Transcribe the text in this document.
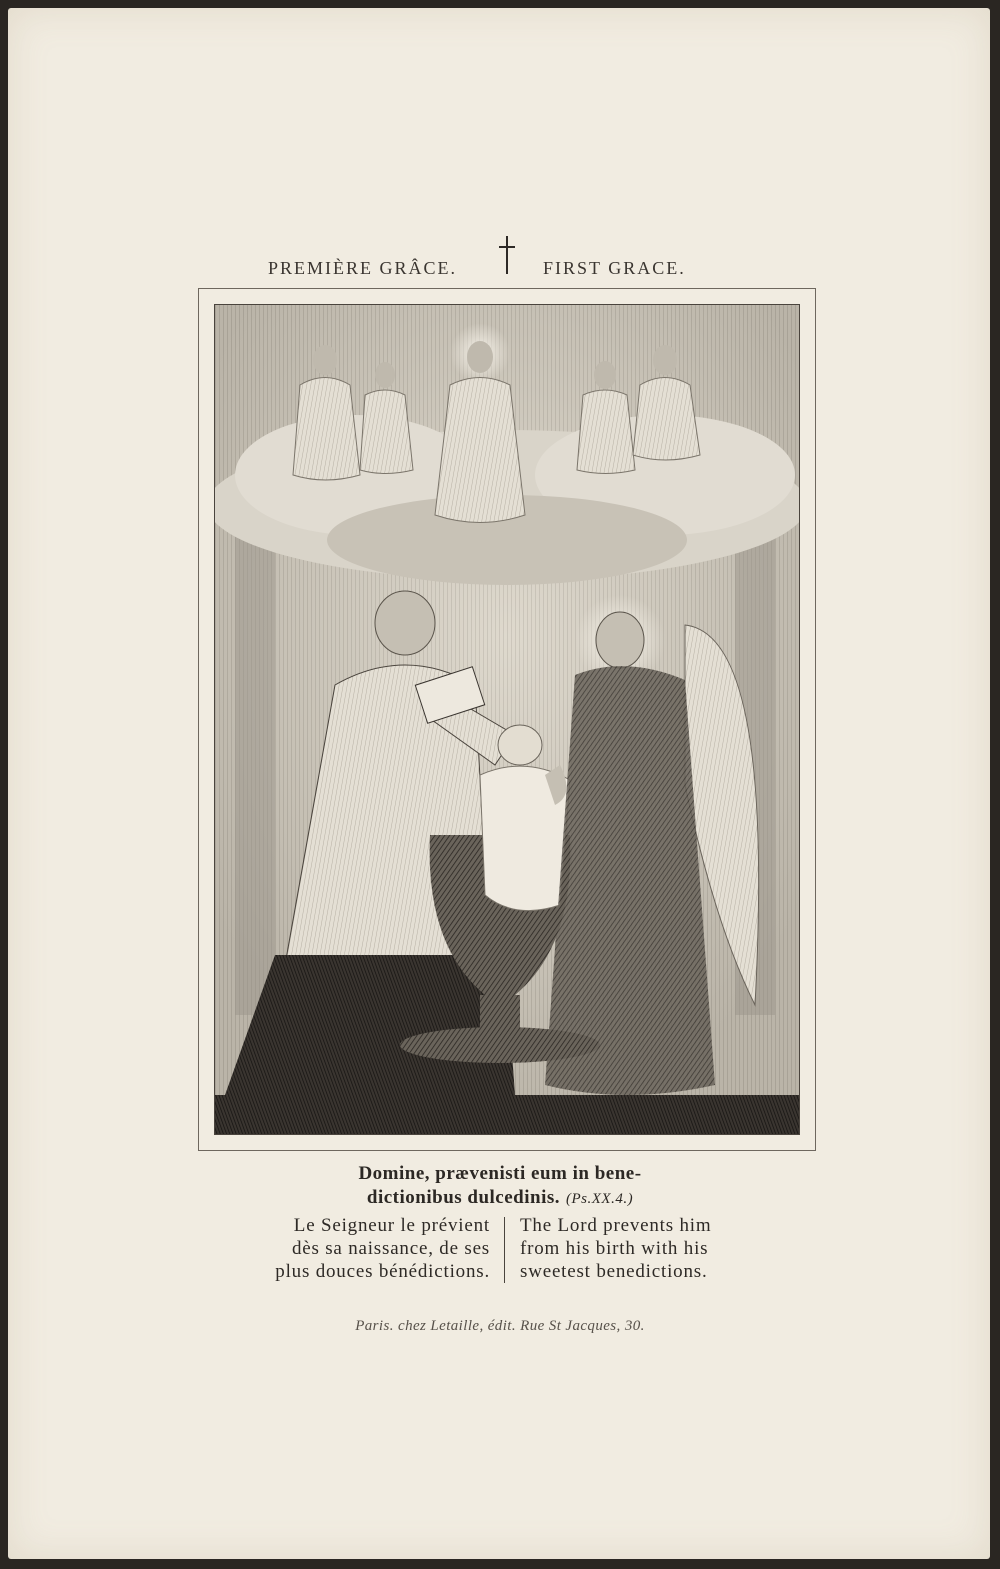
PREMIÈRE GRÂCE.	FIRST GRACE.
Domine, prævenisti eum in bene-
dictionibus dulcedinis. (Ps.XX.4.)
Le Seigneur le prévient
dès sa naissance, de ses
plus douces bénédictions.
The Lord prevents him
from his birth with his
sweetest benedictions.
Paris. chez Letaille, édit. Rue St Jacques, 30.
